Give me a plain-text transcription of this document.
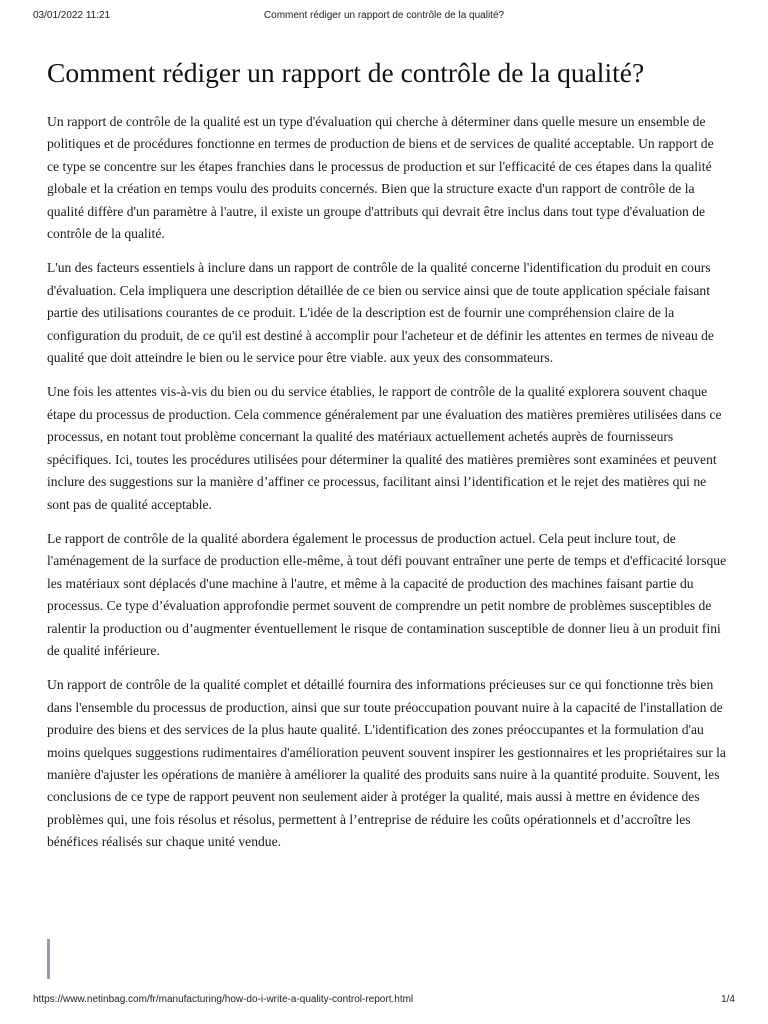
03/01/2022 11:21	Comment rédiger un rapport de contrôle de la qualité?
Comment rédiger un rapport de contrôle de la qualité?

Un rapport de contrôle de la qualité est un type d'évaluation qui cherche à déterminer dans quelle mesure un ensemble de politiques et de procédures fonctionne en termes de production de biens et de services de qualité acceptable. Un rapport de ce type se concentre sur les étapes franchies dans le processus de production et sur l'efficacité de ces étapes dans la qualité globale et la création en temps voulu des produits concernés. Bien que la structure exacte d'un rapport de contrôle de la qualité diffère d'un paramètre à l'autre, il existe un groupe d'attributs qui devrait être inclus dans tout type d'évaluation de contrôle de la qualité.

L'un des facteurs essentiels à inclure dans un rapport de contrôle de la qualité concerne l'identification du produit en cours d'évaluation. Cela impliquera une description détaillée de ce bien ou service ainsi que de toute application spéciale faisant partie des utilisations courantes de ce produit. L'idée de la description est de fournir une compréhension claire de la configuration du produit, de ce qu'il est destiné à accomplir pour l'acheteur et de définir les attentes en termes de niveau de qualité que doit atteindre le bien ou le service pour être viable. aux yeux des consommateurs.

Une fois les attentes vis-à-vis du bien ou du service établies, le rapport de contrôle de la qualité explorera souvent chaque étape du processus de production. Cela commence généralement par une évaluation des matières premières utilisées dans ce processus, en notant tout problème concernant la qualité des matériaux actuellement achetés auprès de fournisseurs spécifiques. Ici, toutes les procédures utilisées pour déterminer la qualité des matières premières sont examinées et peuvent inclure des suggestions sur la manière d’affiner ce processus, facilitant ainsi l’identification et le rejet des matières qui ne sont pas de qualité acceptable.

Le rapport de contrôle de la qualité abordera également le processus de production actuel. Cela peut inclure tout, de l'aménagement de la surface de production elle-même, à tout défi pouvant entraîner une perte de temps et d'efficacité lorsque les matériaux sont déplacés d'une machine à l'autre, et même à la capacité de production des machines faisant partie du processus. Ce type d’évaluation approfondie permet souvent de comprendre un petit nombre de problèmes susceptibles de ralentir la production ou d’augmenter éventuellement le risque de contamination susceptible de donner lieu à un produit fini de qualité inférieure.

Un rapport de contrôle de la qualité complet et détaillé fournira des informations précieuses sur ce qui fonctionne très bien dans l'ensemble du processus de production, ainsi que sur toute préoccupation pouvant nuire à la capacité de l'installation de produire des biens et des services de la plus haute qualité. L'identification des zones préoccupantes et la formulation d'au moins quelques suggestions rudimentaires d'amélioration peuvent souvent inspirer les gestionnaires et les propriétaires sur la manière d'ajuster les opérations de manière à améliorer la qualité des produits sans nuire à la quantité produite. Souvent, les conclusions de ce type de rapport peuvent non seulement aider à protéger la qualité, mais aussi à mettre en évidence des problèmes qui, une fois résolus et résolus, permettent à l’entreprise de réduire les coûts opérationnels et d’accroître les bénéfices réalisés sur chaque unité vendue.

https://www.netinbag.com/fr/manufacturing/how-do-i-write-a-quality-control-report.html	1/4
